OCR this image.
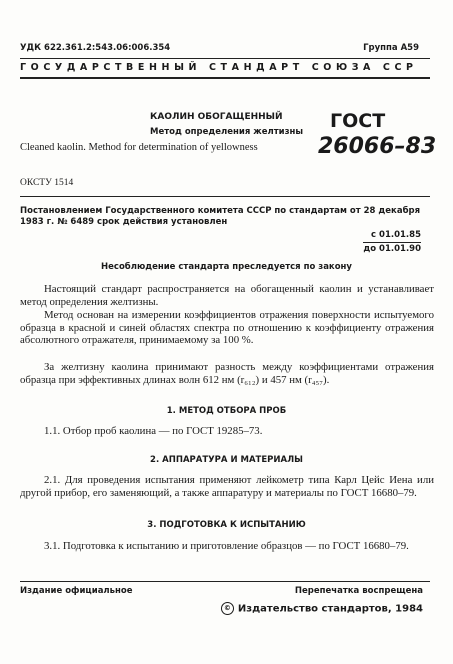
УДК 622.361.2:543.06:006.354	Группа А59
ГОСУДАРСТВЕННЫЙ СТАНДАРТ СОЮЗА ССР
КАОЛИН ОБОГАЩЕННЫЙ
Метод определения желтизны
Cleaned kaolin. Method for determination of yellowness
ГОСТ
26066–83
ОКСТУ 1514
Постановлением Государственного комитета СССР по стандартам от 28 декабря 1983 г. № 6489 срок действия установлен
с 01.01.85
до 01.01.90
Несоблюдение стандарта преследуется по закону
Настоящий стандарт распространяется на обогащенный каолин и устанавливает метод определения желтизны.
Метод основан на измерении коэффициентов отражения поверхности испытуемого образца в красной и синей областях спектра по отношению к коэффициенту отражения абсолютного отражателя, принимаемому за 100 %.
За желтизну каолина принимают разность между коэффициентами отражения образца при эффективных длинах волн 612 нм (r₆₁₂) и 457 нм (r₄₅₇).
1. МЕТОД ОТБОРА ПРОБ
1.1. Отбор проб каолина — по ГОСТ 19285–73.
2. АППАРАТУРА И МАТЕРИАЛЫ
2.1. Для проведения испытания применяют лейкометр типа Карл Цейс Иена или другой прибор, его заменяющий, а также аппаратуру и материалы по ГОСТ 16680–79.
3. ПОДГОТОВКА К ИСПЫТАНИЮ
3.1. Подготовка к испытанию и приготовление образцов — по ГОСТ 16680–79.
Издание официальное	Перепечатка воспрещена
© Издательство стандартов, 1984
